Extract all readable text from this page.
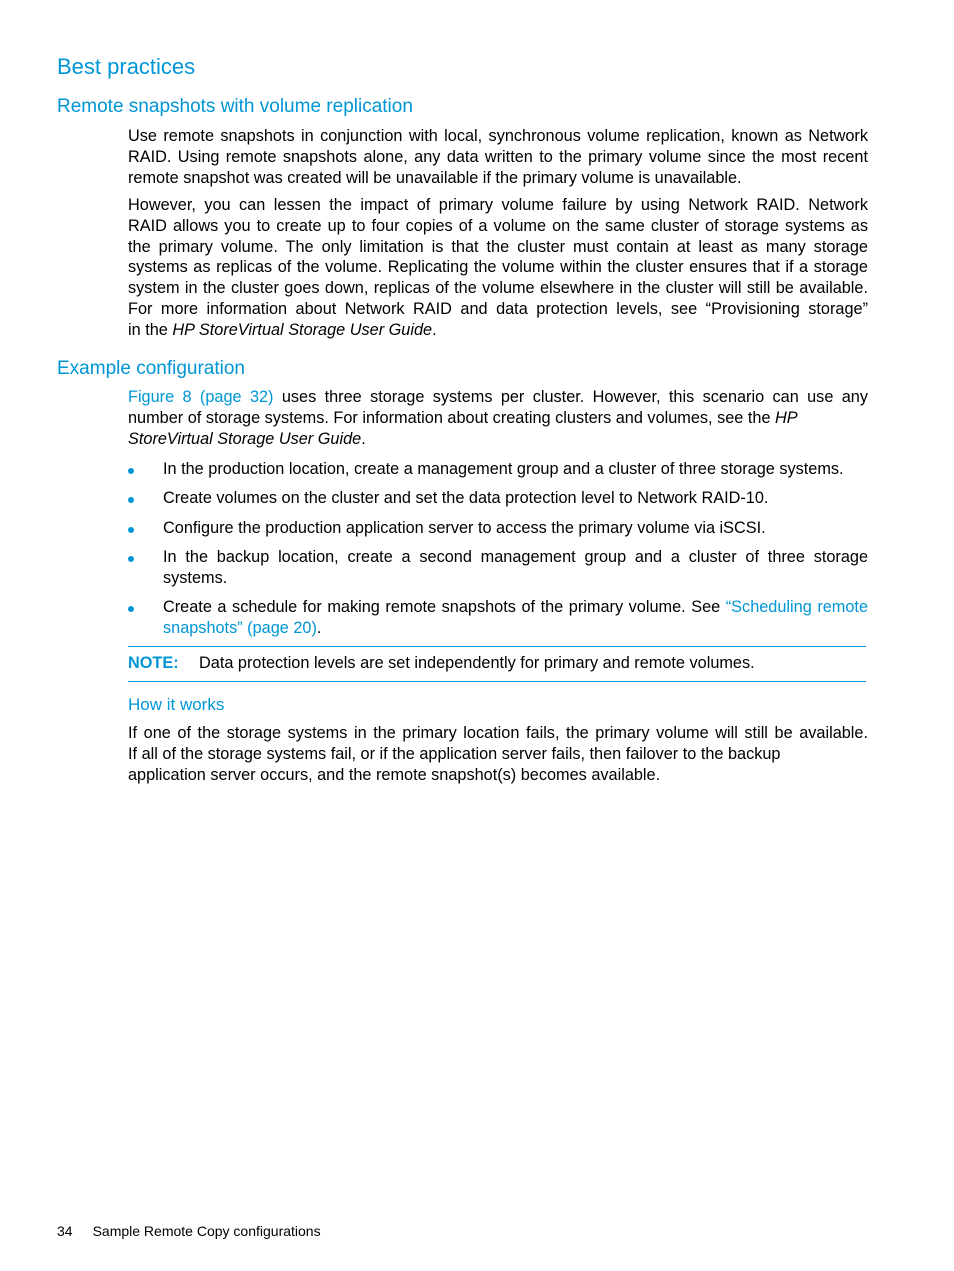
Best practices
Remote snapshots with volume replication

Use remote snapshots in conjunction with local, synchronous volume replication, known as Network
RAID. Using remote snapshots alone, any data written to the primary volume since the most recent
remote snapshot was created will be unavailable if the primary volume is unavailable.

However, you can lessen the impact of primary volume failure by using Network RAID. Network
RAID allows you to create up to four copies of a volume on the same cluster of storage systems as
the primary volume. The only limitation is that the cluster must contain at least as many storage
systems as replicas of the volume. Replicating the volume within the cluster ensures that if a storage
system in the cluster goes down, replicas of the volume elsewhere in the cluster will still be available.
For more information about Network RAID and data protection levels, see “Provisioning storage”
in the HP StoreVirtual Storage User Guide.

Example configuration

Figure 8 (page 32) uses three storage systems per cluster. However, this scenario can use any
number of storage systems. For information about creating clusters and volumes, see the HP
StoreVirtual Storage User Guide.

In the production location, create a management group and a cluster of three storage systems.
Create volumes on the cluster and set the data protection level to Network RAID-10.
Configure the production application server to access the primary volume via iSCSI.
In the backup location, create a second management group and a cluster of three storage
systems.
Create a schedule for making remote snapshots of the primary volume. See “Scheduling remote
snapshots” (page 20).
NOTE: Data protection levels are set independently for primary and remote volumes.
How it works

If one of the storage systems in the primary location fails, the primary volume will still be available.
If all of the storage systems fail, or if the application server fails, then failover to the backup
application server occurs, and the remote snapshot(s) becomes available.

34 Sample Remote Copy configurations
